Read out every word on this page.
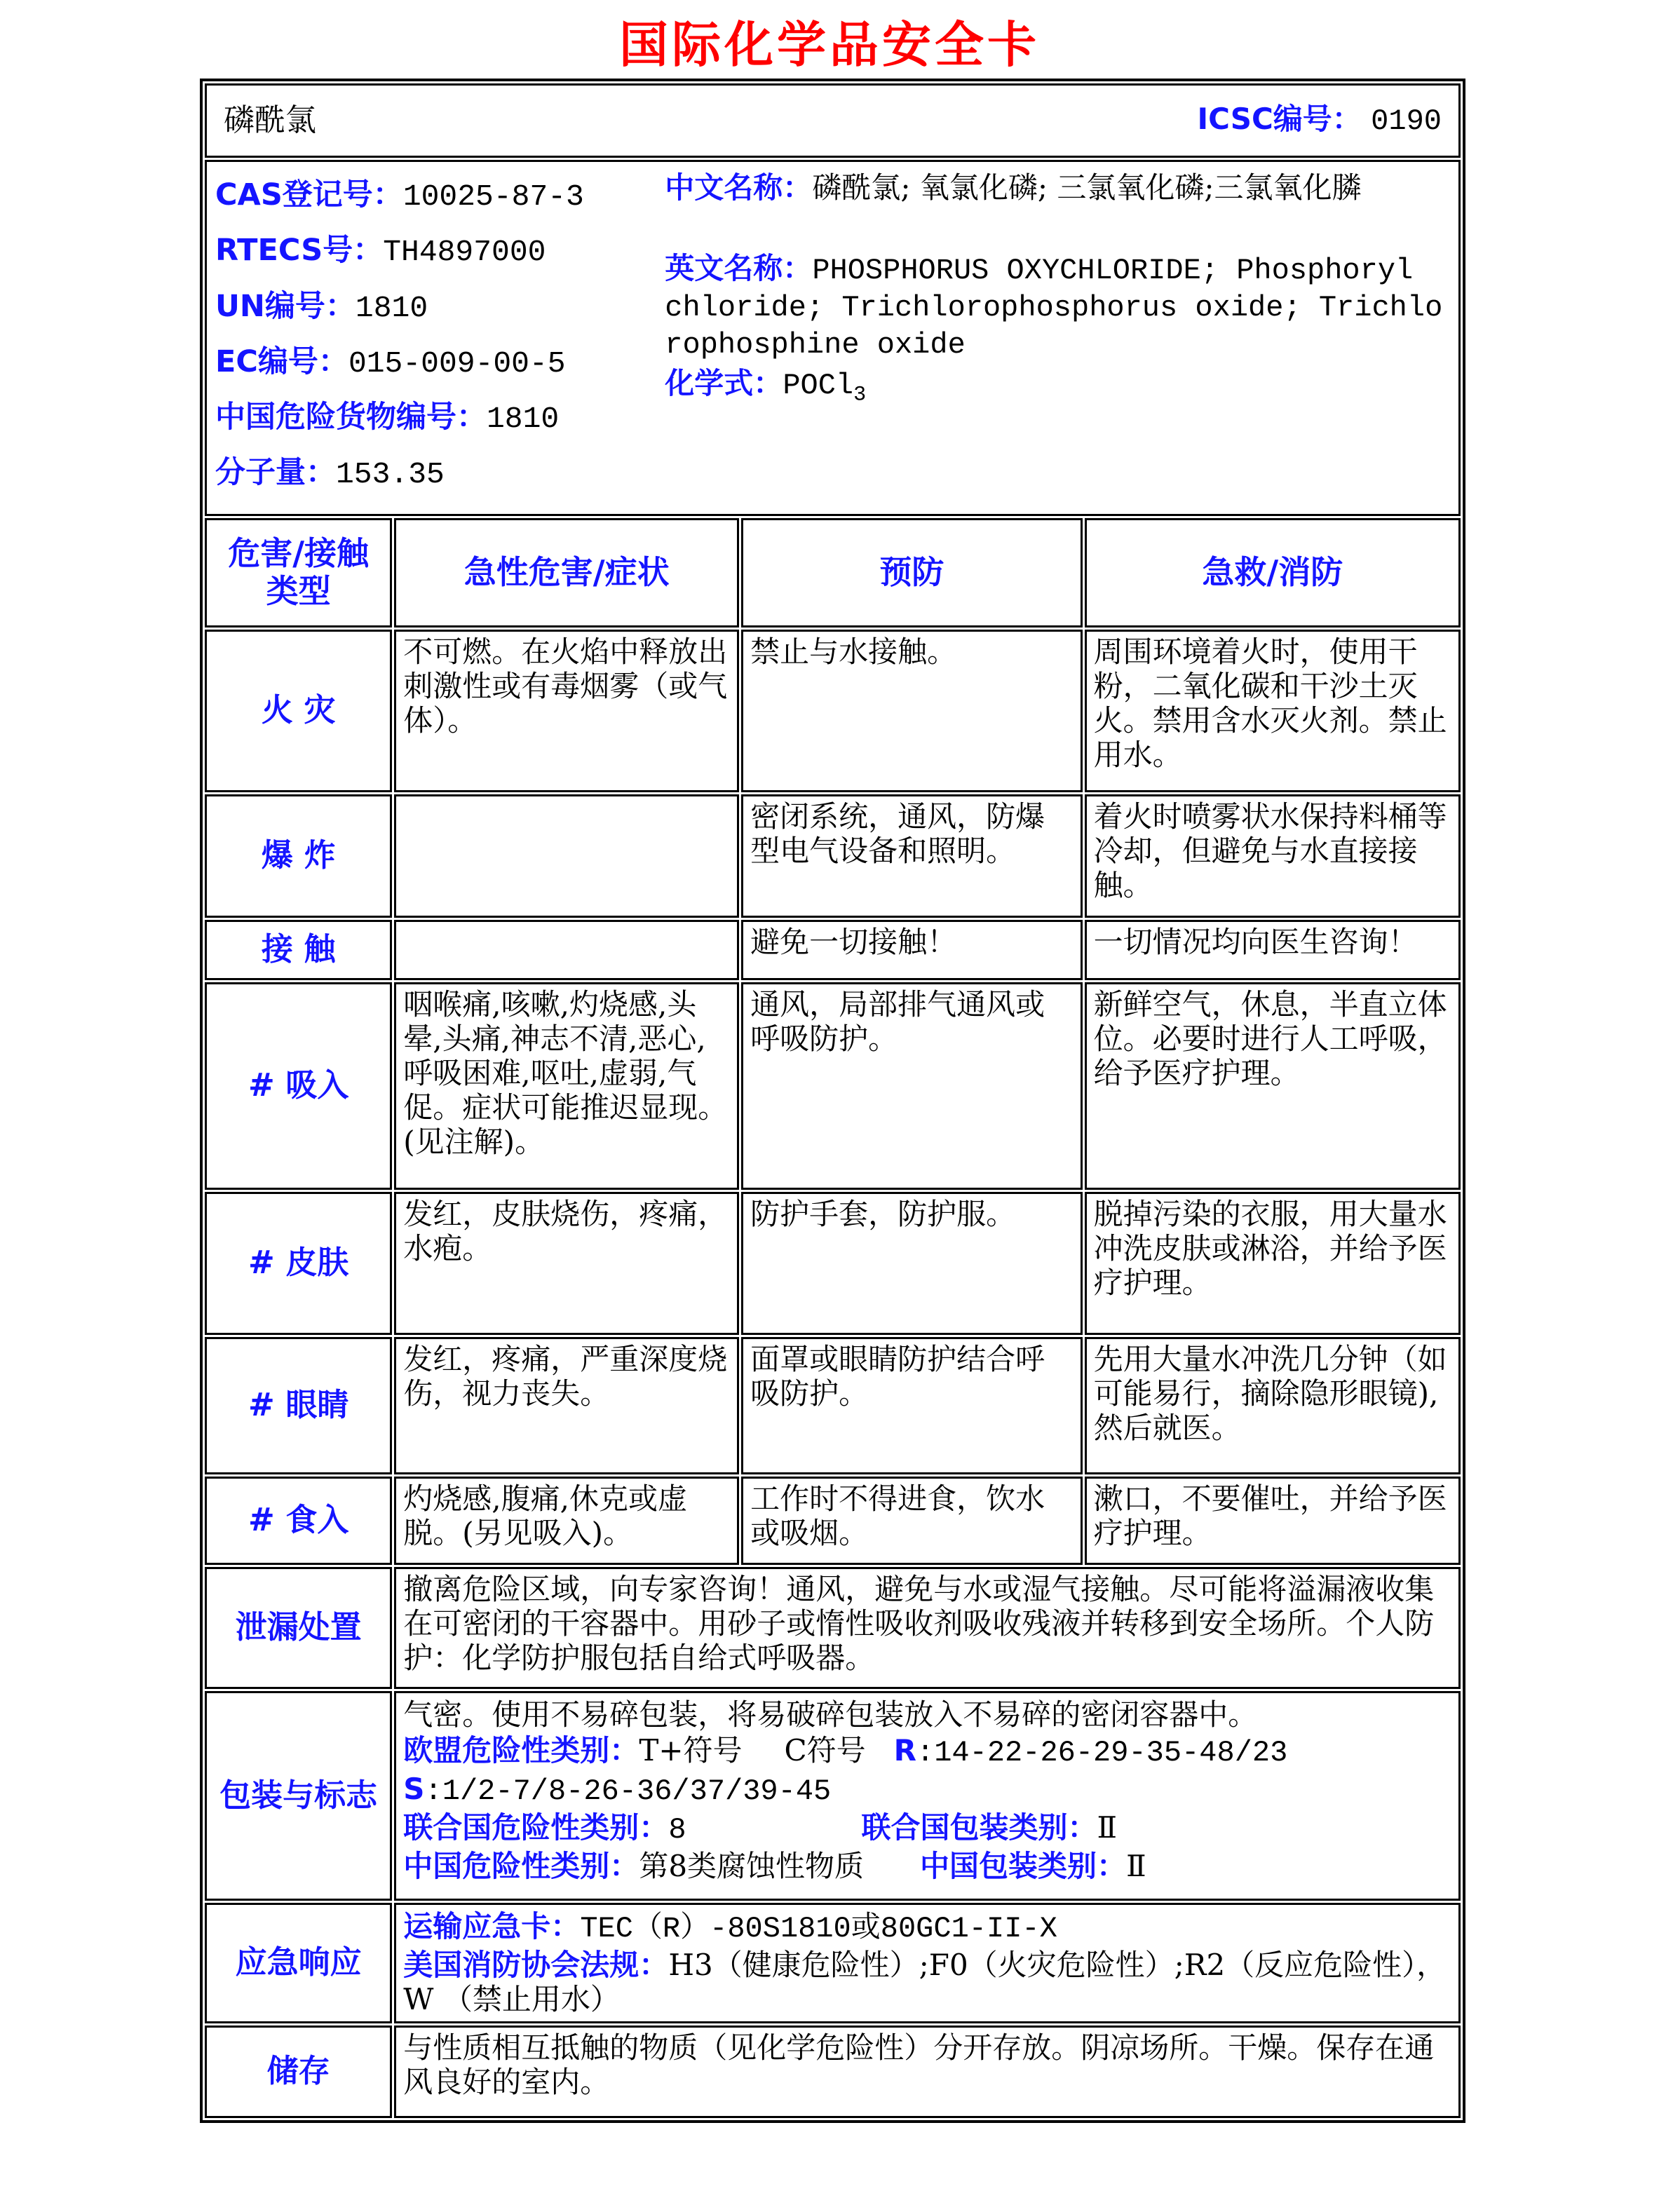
国际化学品安全卡
磷酰氯 ICSC编号： 0190			

CAS登记号：10025-87-3
RTECS号：TH4897000
UN编号：1810
EC编号：015-009-00-5
中国危险货物编号：1810
分子量：153.35
中文名称：磷酰氯; 氧氯化磷; 三氯氧化磷;三氯氧化膦
英文名称：PHOSPHORUS OXYCHLORIDE; Phosphoryl chloride; Trichlorophosphorus oxide; Trichlorophosphine oxide
化学式：POCl$_3$

危害/接触
类型	急性危害/症状	预防	急救/消防
火 灾	不可燃。在火焰中释放出刺激性或有毒烟雾（或气体）。	禁止与水接触。	周围环境着火时，使用干粉，二氧化碳和干沙土灭火。禁用含水灭火剂。禁止用水。
爆 炸		密闭系统，通风，防爆型电气设备和照明。	着火时喷雾状水保持料桶等冷却，但避免与水直接接触。
接 触		避免一切接触！	一切情况均向医生咨询！
# 吸入	咽喉痛,咳嗽,灼烧感,头晕,头痛,神志不清,恶心,呼吸困难,呕吐,虚弱,气促。症状可能推迟显现。(见注解)。	通风，局部排气通风或呼吸防护。	新鲜空气，休息，半直立体位。必要时进行人工呼吸，给予医疗护理。
# 皮肤	发红，皮肤烧伤，疼痛，水疱。	防护手套，防护服。	脱掉污染的衣服，用大量水冲洗皮肤或淋浴，并给予医疗护理。
# 眼睛	发红，疼痛，严重深度烧伤，视力丧失。	面罩或眼睛防护结合呼吸防护。	先用大量水冲洗几分钟（如可能易行，摘除隐形眼镜),然后就医。
# 食入	灼烧感,腹痛,休克或虚脱。(另见吸入)。	工作时不得进食，饮水或吸烟。	漱口，不要催吐，并给予医疗护理。
泄漏处置	撤离危险区域，向专家咨询！通风，避免与水或湿气接触。尽可能将溢漏液收集在可密闭的干容器中。用砂子或惰性吸收剂吸收残液并转移到安全场所。个人防护：化学防护服包括自给式呼吸器。		
包装与标志	气密。使用不易碎包装，将易破碎包装放入不易碎的密闭容器中。
欧盟危险性类别：T+符号 C符号 R:14-22-26-29-35-48/23
S:1/2-7/8-26-36/37/39-45
联合国危险性类别：8 联合国包装类别：Ⅱ
中国危险性类别：第8类腐蚀性物质 中国包装类别：Ⅱ		

应急响应	运输应急卡：TEC（R）-80S1810或80GC1-II-X
美国消防协会法规：H3（健康危险性）;F0（火灾危险性）;R2（反应危险性），W （禁止用水）		

储存	与性质相互抵触的物质（见化学危险性）分开存放。阴凉场所。干燥。保存在通风良好的室内。		
